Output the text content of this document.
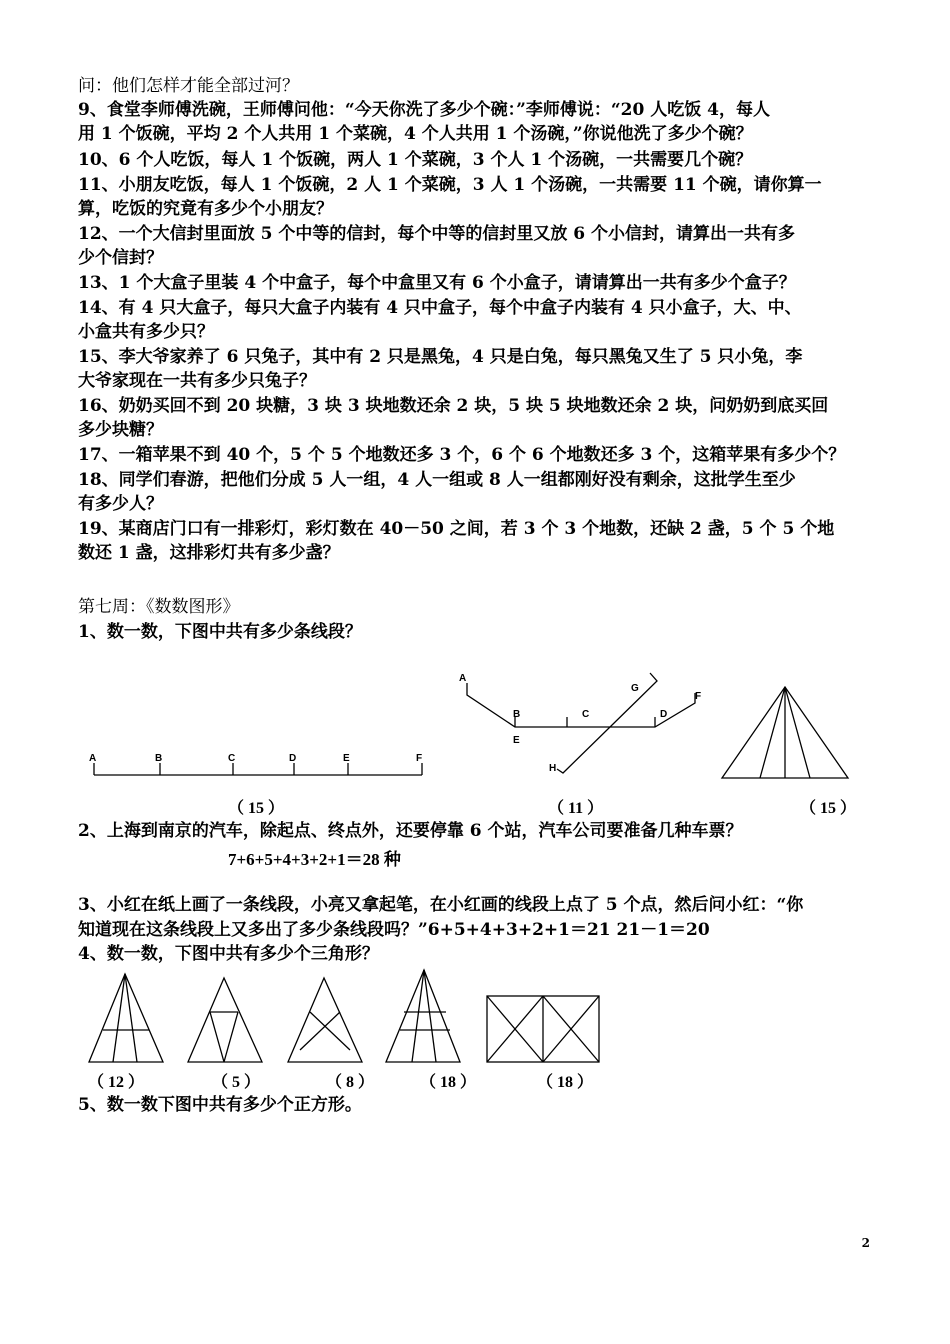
问：他们怎样才能全部过河？
9、食堂李师傅洗碗，王师傅问他：“今天你洗了多少个碗：”李师傅说：“20 人吃饭 4，每人
用 1 个饭碗，平均 2 个人共用 1 个菜碗，4 个人共用 1 个汤碗，”你说他洗了多少个碗？
10、6 个人吃饭，每人 1 个饭碗，两人 1 个菜碗，3 个人 1 个汤碗，一共需要几个碗？
11、小朋友吃饭，每人 1 个饭碗，2 人 1 个菜碗，3 人 1 个汤碗，一共需要 11 个碗，请你算一
算，吃饭的究竟有多少个小朋友？
12、一个大信封里面放 5 个中等的信封，每个中等的信封里又放 6 个小信封，请算出一共有多
少个信封？
13、1 个大盒子里装 4 个中盒子，每个中盒里又有 6 个小盒子，请请算出一共有多少个盒子？
14、有 4 只大盒子，每只大盒子内装有 4 只中盒子，每个中盒子内装有 4 只小盒子，大、中、
小盒共有多少只？
15、李大爷家养了 6 只兔子，其中有 2 只是黑兔，4 只是白兔，每只黑兔又生了 5 只小兔，李
大爷家现在一共有多少只兔子？
16、奶奶买回不到 20 块糖，3 块 3 块地数还余 2 块，5 块 5 块地数还余 2 块，问奶奶到底买回
多少块糖？
17、一箱苹果不到 40 个，5 个 5 个地数还多 3 个，6 个 6 个地数还多 3 个，这箱苹果有多少个？
18、同学们春游，把他们分成 5 人一组，4 人一组或 8 人一组都刚好没有剩余，这批学生至少
有多少人？
19、某商店门口有一排彩灯，彩灯数在 40－50 之间，若 3 个 3 个地数，还缺 2 盏，5 个 5 个地
数还 1 盏，这排彩灯共有多少盏？
第七周：《数数图形》
1、数一数，下图中共有多少条线段？
A	B	C	D	E	F
（ 15 ）
A
G
F
B	C	D
E
H
（ 11 ）	（ 15 ）
2、上海到南京的汽车，除起点、终点外，还要停靠 6 个站，汽车公司要准备几种车票？
7+6+5+4+3+2+1＝28 种
3、小红在纸上画了一条线段，小亮又拿起笔，在小红画的线段上点了 5 个点，然后问小红：“你
知道现在这条线段上又多出了多少条线段吗？”6+5+4+3+2+1＝21 21－1＝20
4、数一数，下图中共有多少个三角形？
（ 12 ）	（ 5 ）	（ 8 ）	（ 18 ）	（ 18 ）
5、数一数下图中共有多少个正方形。
2
